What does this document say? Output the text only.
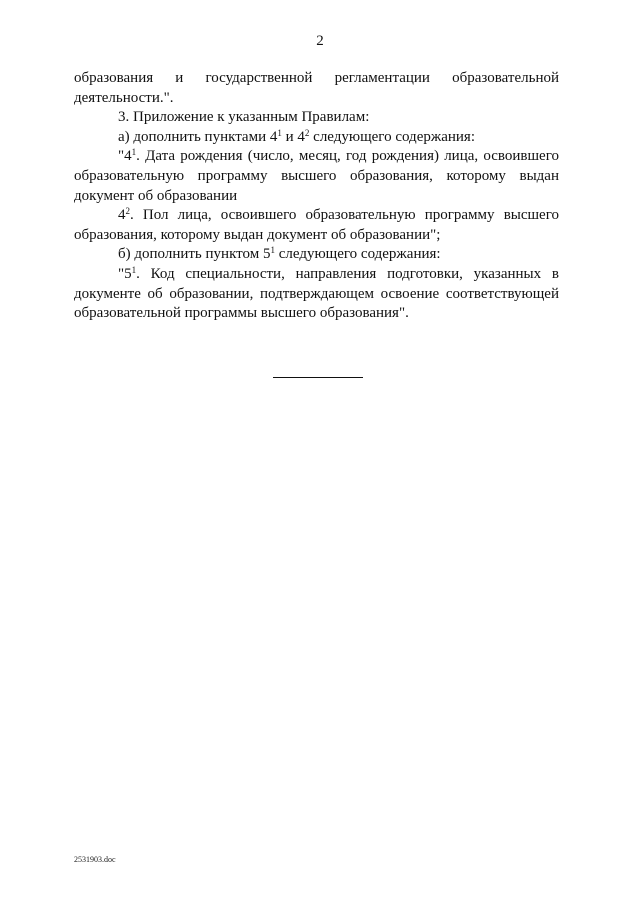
2

образования и государственной регламентации образовательной деятельности.".

3. Приложение к указанным Правилам:

а) дополнить пунктами $4^1$ и $4^2$ следующего содержания:

"$4^1$. Дата рождения (число, месяц, год рождения) лица, освоившего образовательную программу высшего образования, которому выдан документ об образовании

$4^2$. Пол лица, освоившего образовательную программу высшего образования, которому выдан документ об образовании";

б) дополнить пунктом $5^1$ следующего содержания:

"$5^1$. Код специальности, направления подготовки, указанных в документе об образовании, подтверждающем освоение соответствующей образовательной программы высшего образования".

2531903.doc
